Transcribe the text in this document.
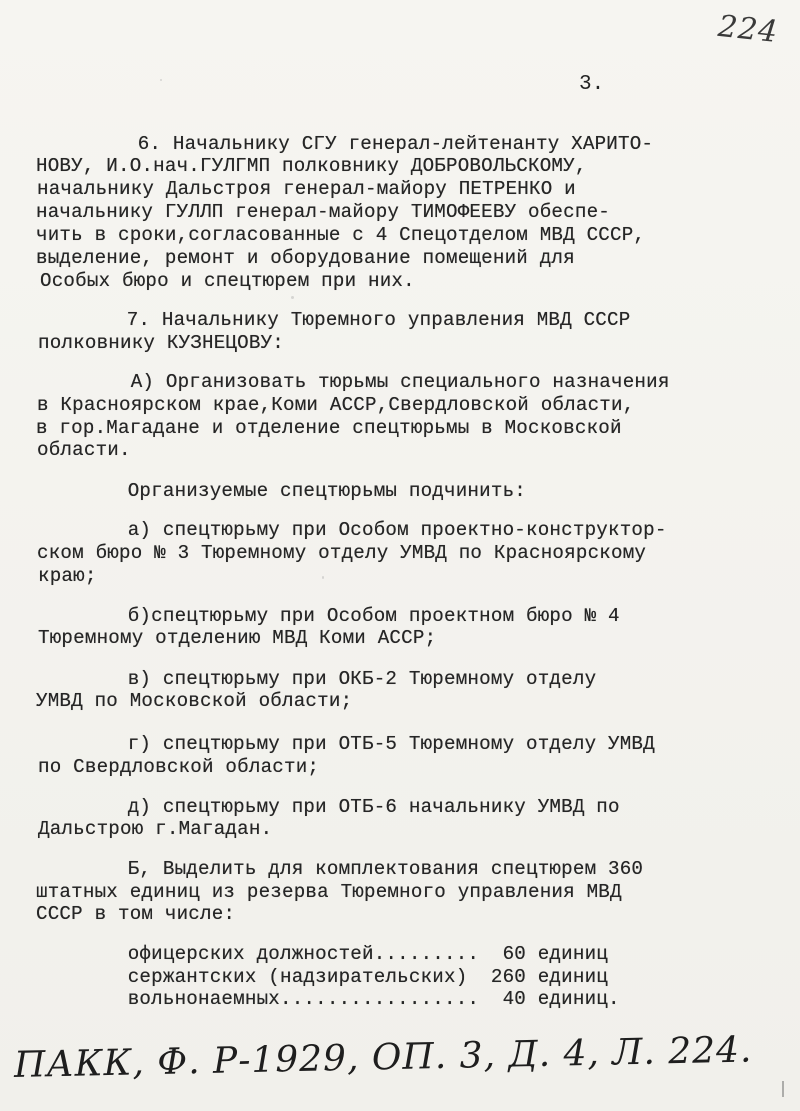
224
3.
6. Начальнику СГУ генерал-лейтенанту ХАРИТО-
НОВУ, И.О.нач.ГУЛГМП полковнику ДОБРОВОЛЬСКОМУ,
начальнику Дальстроя генерал-майору ПЕТРЕНКО и
начальнику ГУЛЛП генерал-майору ТИМОФЕЕВУ обеспе-
чить в сроки,согласованные с 4 Спецотделом МВД СССР,
выделение, ремонт и оборудование помещений для
Особых бюро и спецтюрем при них.
7. Начальнику Тюремного управления МВД СССР
полковнику КУЗНЕЦОВУ:
А) Организовать тюрьмы специального назначения
в Красноярском крае,Коми АССР,Свердловской области,
в гор.Магадане и отделение спецтюрьмы в Московской
области.
Организуемые спецтюрьмы подчинить:
а) спецтюрьму при Особом проектно-конструктор-
ском бюро № 3 Тюремному отделу УМВД по Красноярскому
краю;
б)спецтюрьму при Особом проектном бюро № 4
Тюремному отделению МВД Коми АССР;
в) спецтюрьму при ОКБ-2 Тюремному отделу
УМВД по Московской области;
г) спецтюрьму при ОТБ-5 Тюремному отделу УМВД
по Свердловской области;
д) спецтюрьму при ОТБ-6 начальнику УМВД по
Дальстрою г.Магадан.
Б, Выделить для комплектования спецтюрем 360
штатных единиц из резерва Тюремного управления МВД
СССР в том числе:
офицерских должностей.........  60 единиц
сержантских (надзирательских)  260 единиц
вольнонаемных.................  40 единиц.
ПАКК, Ф. Р-1929, ОП. 3, Д. 4, Л. 224.
